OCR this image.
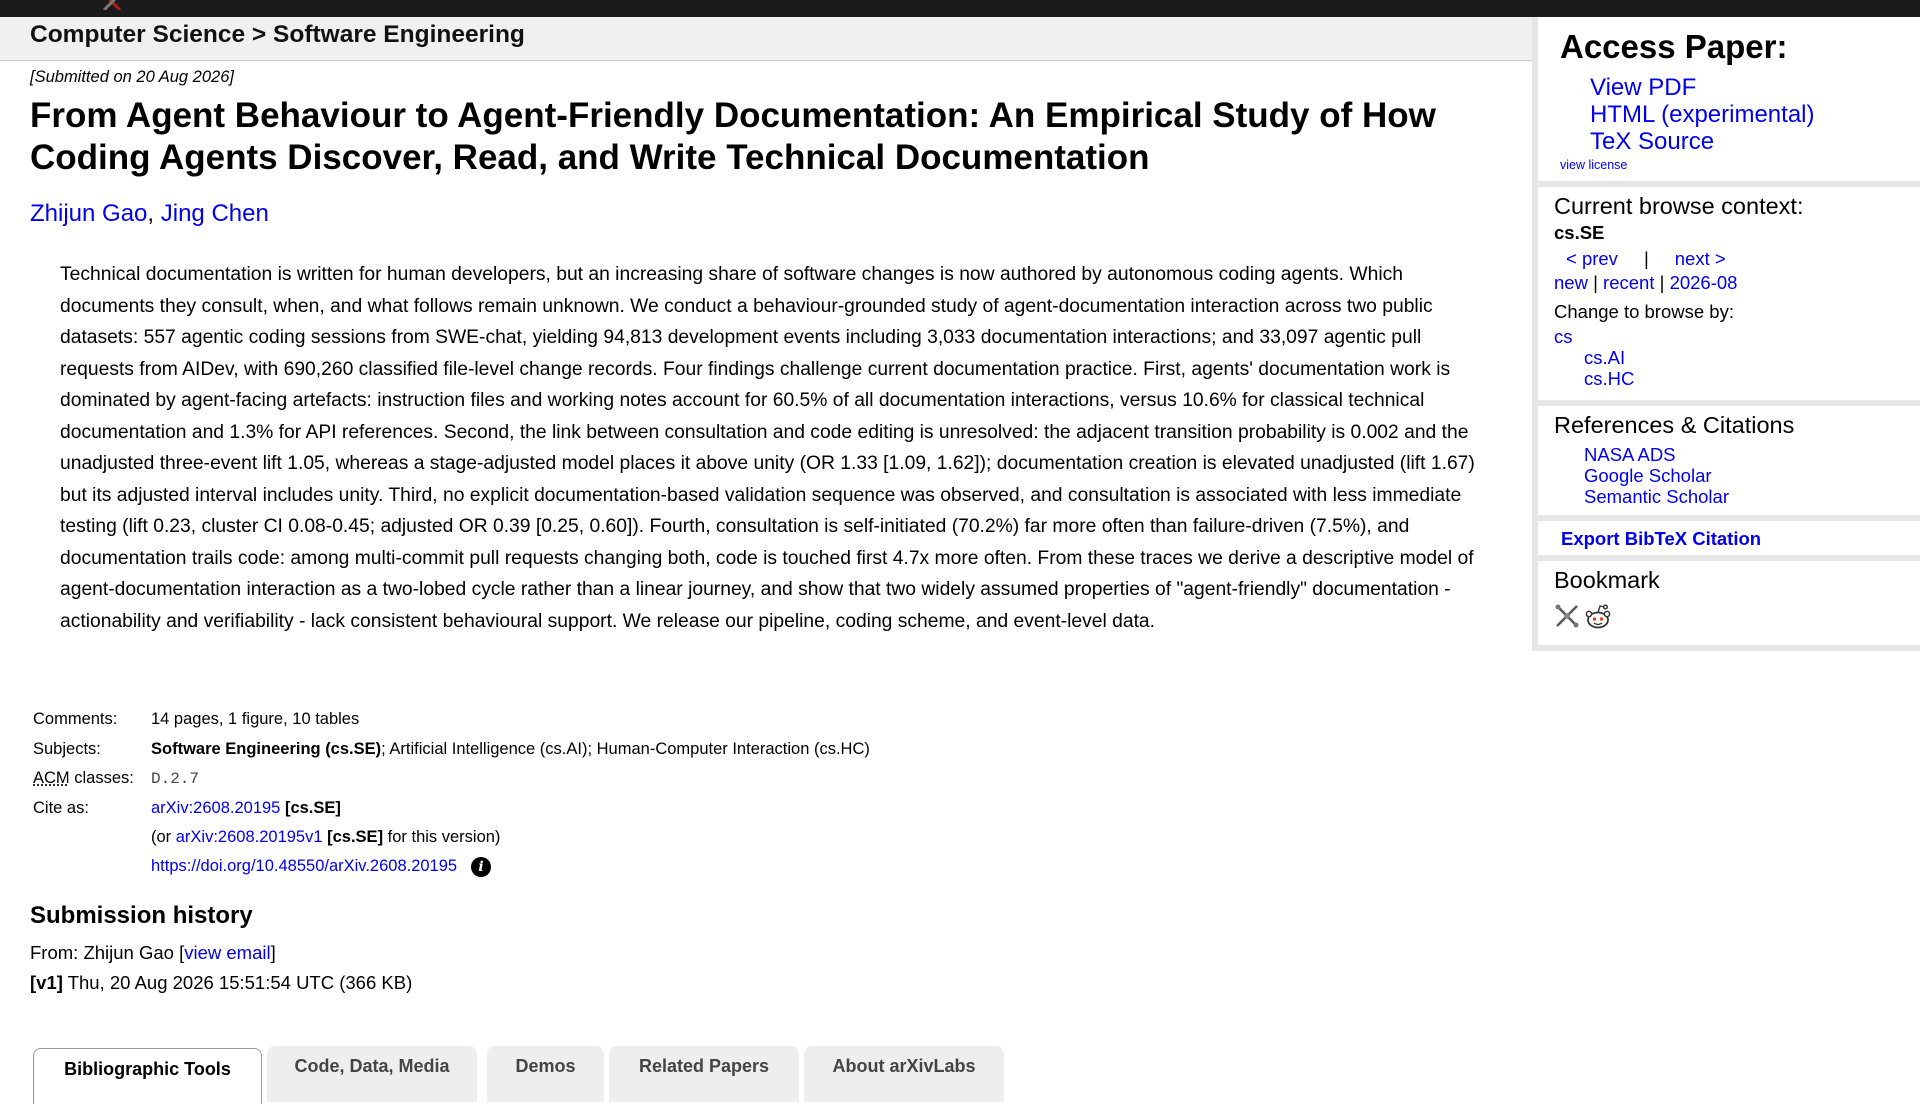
Computer Science > Software Engineering
[Submitted on 20 Aug 2026]
From Agent Behaviour to Agent-Friendly Documentation: An Empirical Study of How Coding Agents Discover, Read, and Write Technical Documentation
Zhijun Gao, Jing Chen

Technical documentation is written for human developers, but an increasing share of software changes is now authored by autonomous coding agents. Which documents they consult, when, and what follows remain unknown. We conduct a behaviour-grounded study of agent-documentation interaction across two public datasets: 557 agentic coding sessions from SWE-chat, yielding 94,813 development events including 3,033 documentation interactions; and 33,097 agentic pull requests from AIDev, with 690,260 classified file-level change records. Four findings challenge current documentation practice. First, agents' documentation work is dominated by agent-facing artefacts: instruction files and working notes account for 60.5% of all documentation interactions, versus 10.6% for classical technical documentation and 1.3% for API references. Second, the link between consultation and code editing is unresolved: the adjacent transition probability is 0.002 and the unadjusted three-event lift 1.05, whereas a stage-adjusted model places it above unity (OR 1.33 [1.09, 1.62]); documentation creation is elevated unadjusted (lift 1.67) but its adjusted interval includes unity. Third, no explicit documentation-based validation sequence was observed, and consultation is associated with less immediate testing (lift 0.23, cluster CI 0.08-0.45; adjusted OR 0.39 [0.25, 0.60]). Fourth, consultation is self-initiated (70.2%) far more often than failure-driven (7.5%), and documentation trails code: among multi-commit pull requests changing both, code is touched first 4.7x more often. From these traces we derive a descriptive model of agent-documentation interaction as a two-lobed cycle rather than a linear journey, and show that two widely assumed properties of "agent-friendly" documentation - actionability and verifiability - lack consistent behavioural support. We release our pipeline, coding scheme, and event-level data.

Comments:	14 pages, 1 figure, 10 tables
Subjects:	Software Engineering (cs.SE); Artificial Intelligence (cs.AI); Human-Computer Interaction (cs.HC)
ACM classes:	D.2.7
Cite as:	arXiv:2608.20195 [cs.SE]
	(or arXiv:2608.20195v1 [cs.SE] for this version)
	https://doi.org/10.48550/arXiv.2608.20195 i
Submission history
From: Zhijun Gao [view email]
[v1] Thu, 20 Aug 2026 15:51:54 UTC (366 KB)
Bibliographic Tools	Code, Data, Media	Demos	Related Papers	About arXivLabs
Access Paper:
View PDF
HTML (experimental)
TeX Source
view license
Current browse context:
cs.SE
< prev | next >
new | recent | 2026-08
Change to browse by:
cs
cs.AI
cs.HC
References & Citations
NASA ADS
Google Scholar
Semantic Scholar
Export BibTeX Citation
Bookmark
